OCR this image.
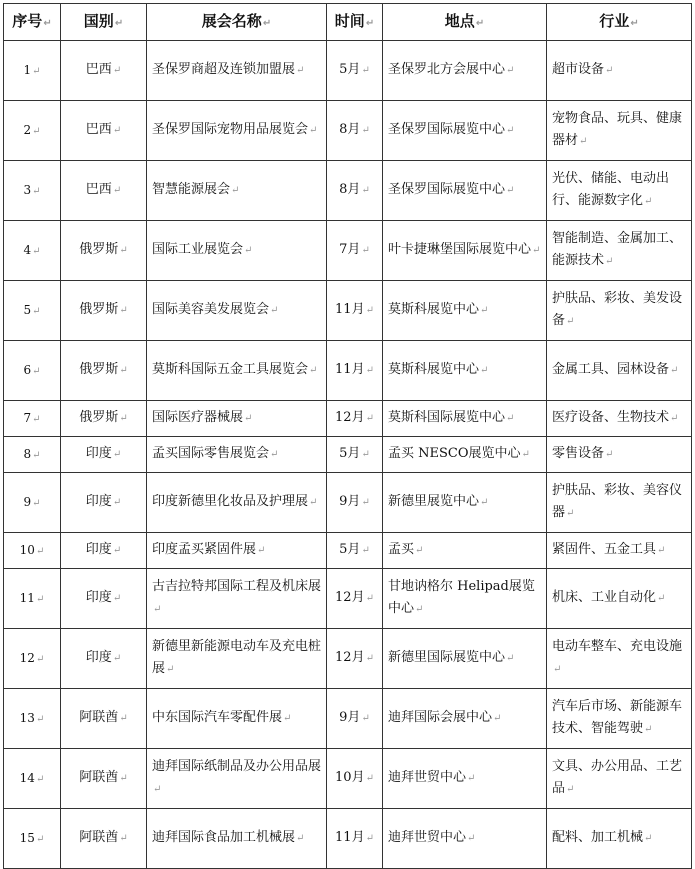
序号↵	国别↵	展会名称↵	时间↵	地点↵	行业↵
1↵	巴西↵	圣保罗商超及连锁加盟展↵	5月↵	圣保罗北方会展中心↵	超市设备↵
2↵	巴西↵	圣保罗国际宠物用品展览会↵	8月↵	圣保罗国际展览中心↵	宠物食品、玩具、健康器材↵
3↵	巴西↵	智慧能源展会↵	8月↵	圣保罗国际展览中心↵	光伏、储能、电动出行、能源数字化↵
4↵	俄罗斯↵	国际工业展览会↵	7月↵	叶卡捷琳堡国际展览中心↵	智能制造、金属加工、能源技术↵
5↵	俄罗斯↵	国际美容美发展览会↵	11月↵	莫斯科展览中心↵	护肤品、彩妆、美发设备↵
6↵	俄罗斯↵	莫斯科国际五金工具展览会↵	11月↵	莫斯科展览中心↵	金属工具、园林设备↵
7↵	俄罗斯↵	国际医疗器械展↵	12月↵	莫斯科国际展览中心↵	医疗设备、生物技术↵
8↵	印度↵	孟买国际零售展览会↵	5月↵	孟买 NESCO展览中心↵	零售设备↵
9↵	印度↵	印度新德里化妆品及护理展↵	9月↵	新德里展览中心↵	护肤品、彩妆、美容仪器↵
10↵	印度↵	印度孟买紧固件展↵	5月↵	孟买↵	紧固件、五金工具↵
11↵	印度↵	古吉拉特邦国际工程及机床展↵	12月↵	甘地讷格尔 Helipad展览中心↵	机床、工业自动化↵
12↵	印度↵	新德里新能源电动车及充电桩展↵	12月↵	新德里国际展览中心↵	电动车整车、充电设施↵
13↵	阿联酋↵	中东国际汽车零配件展↵	9月↵	迪拜国际会展中心↵	汽车后市场、新能源车技术、智能驾驶↵
14↵	阿联酋↵	迪拜国际纸制品及办公用品展↵	10月↵	迪拜世贸中心↵	文具、办公用品、工艺品↵
15↵	阿联酋↵	迪拜国际食品加工机械展↵	11月↵	迪拜世贸中心↵	配料、加工机械↵
